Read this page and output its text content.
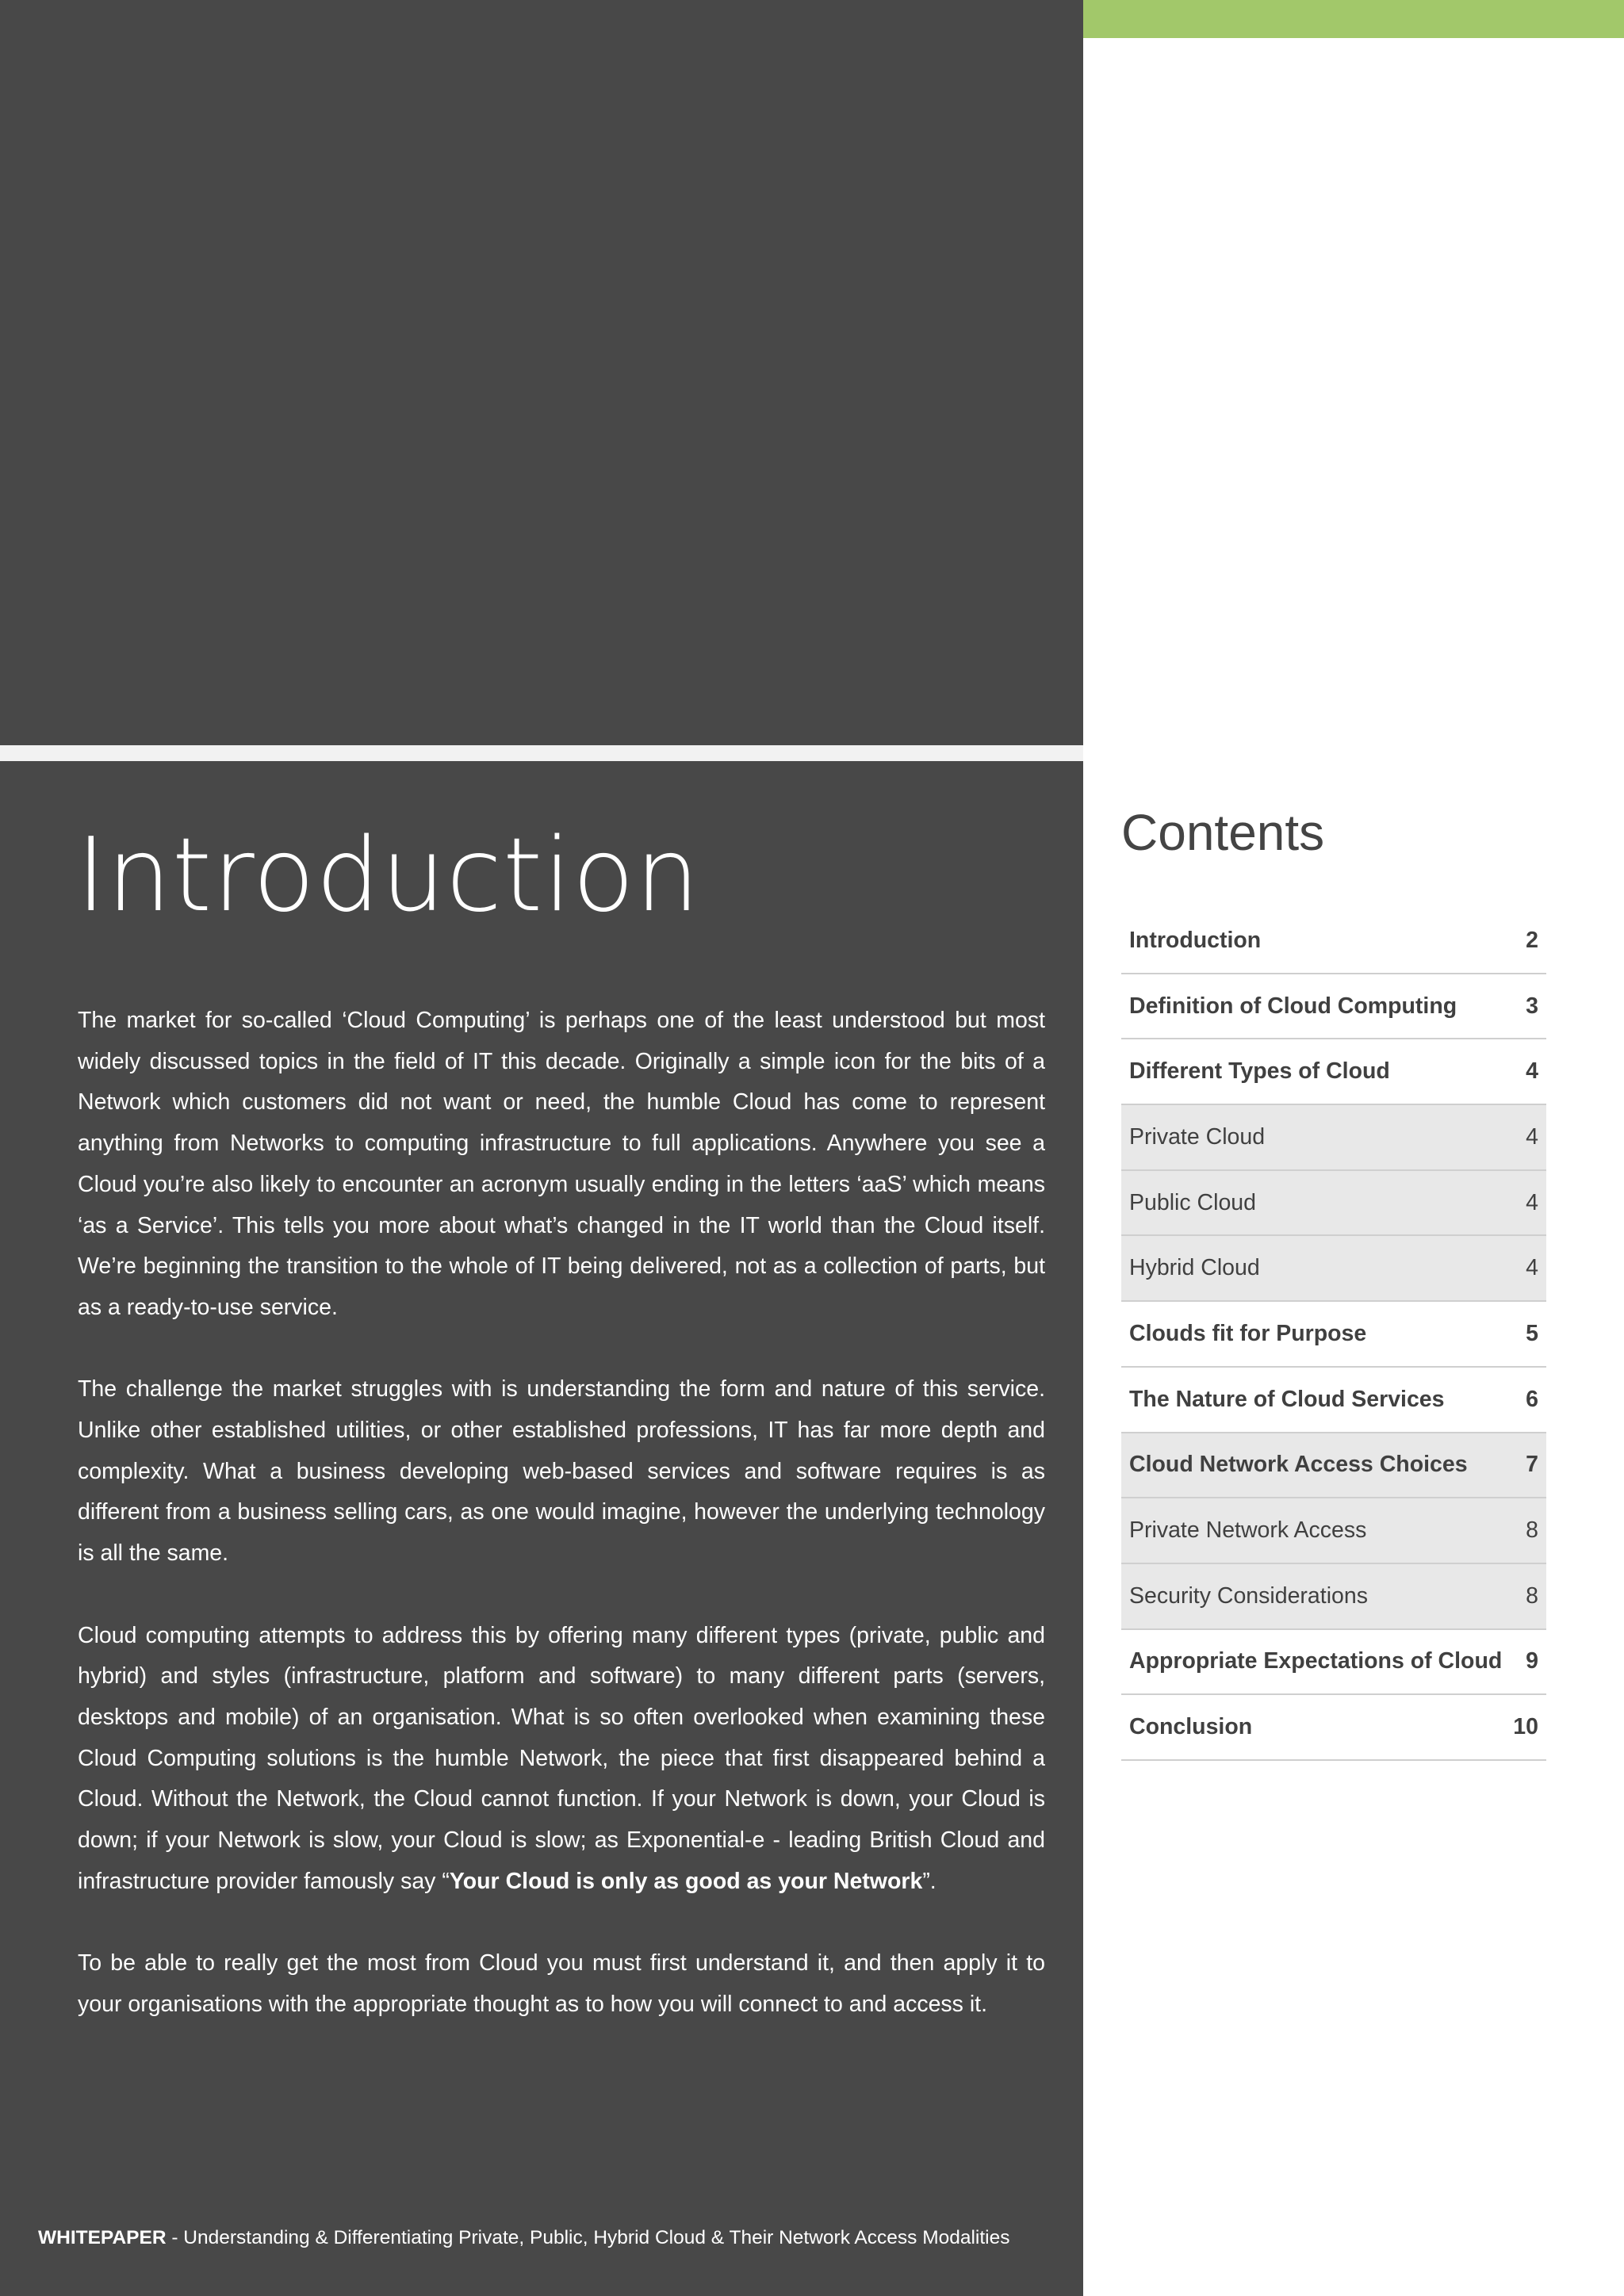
Introduction

The market for so-called ‘Cloud Computing’ is perhaps one of the least understood but most widely discussed topics in the field of IT this decade. Originally a simple icon for the bits of a Network which customers did not want or need, the humble Cloud has come to represent anything from Networks to computing infrastructure to full applications. Anywhere you see a Cloud you’re also likely to encounter an acronym usually ending in the letters ‘aaS’ which means ‘as a Service’. This tells you more about what’s changed in the IT world than the Cloud itself. We’re beginning the transition to the whole of IT being delivered, not as a collection of parts, but as a ready-to-use service.

The challenge the market struggles with is understanding the form and nature of this service. Unlike other established utilities, or other established professions, IT has far more depth and complexity. What a business developing web-based services and software requires is as different from a business selling cars, as one would imagine, however the underlying technology is all the same.

Cloud computing attempts to address this by offering many different types (private, public and hybrid) and styles (infrastructure, platform and software) to many different parts (servers, desktops and mobile) of an organisation. What is so often overlooked when examining these Cloud Computing solutions is the humble Network, the piece that first disappeared behind a Cloud. Without the Network, the Cloud cannot function. If your Network is down, your Cloud is down; if your Network is slow, your Cloud is slow; as Exponential-e - leading British Cloud and infrastructure provider famously say “Your Cloud is only as good as your Network”.

To be able to really get the most from Cloud you must first understand it, and then apply it to your organisations with the appropriate thought as to how you will connect to and access it.

WHITEPAPER - Understanding & Differentiating Private, Public, Hybrid Cloud & Their Network Access Modalities
Contents
Introduction	2
Definition of Cloud Computing	3
Different Types of Cloud	4
Private Cloud	4
Public Cloud	4
Hybrid Cloud	4
Clouds fit for Purpose	5
The Nature of Cloud Services	6
Cloud Network Access Choices	7
Private Network Access	8
Security Considerations	8
Appropriate Expectations of Cloud 9
Conclusion	10
